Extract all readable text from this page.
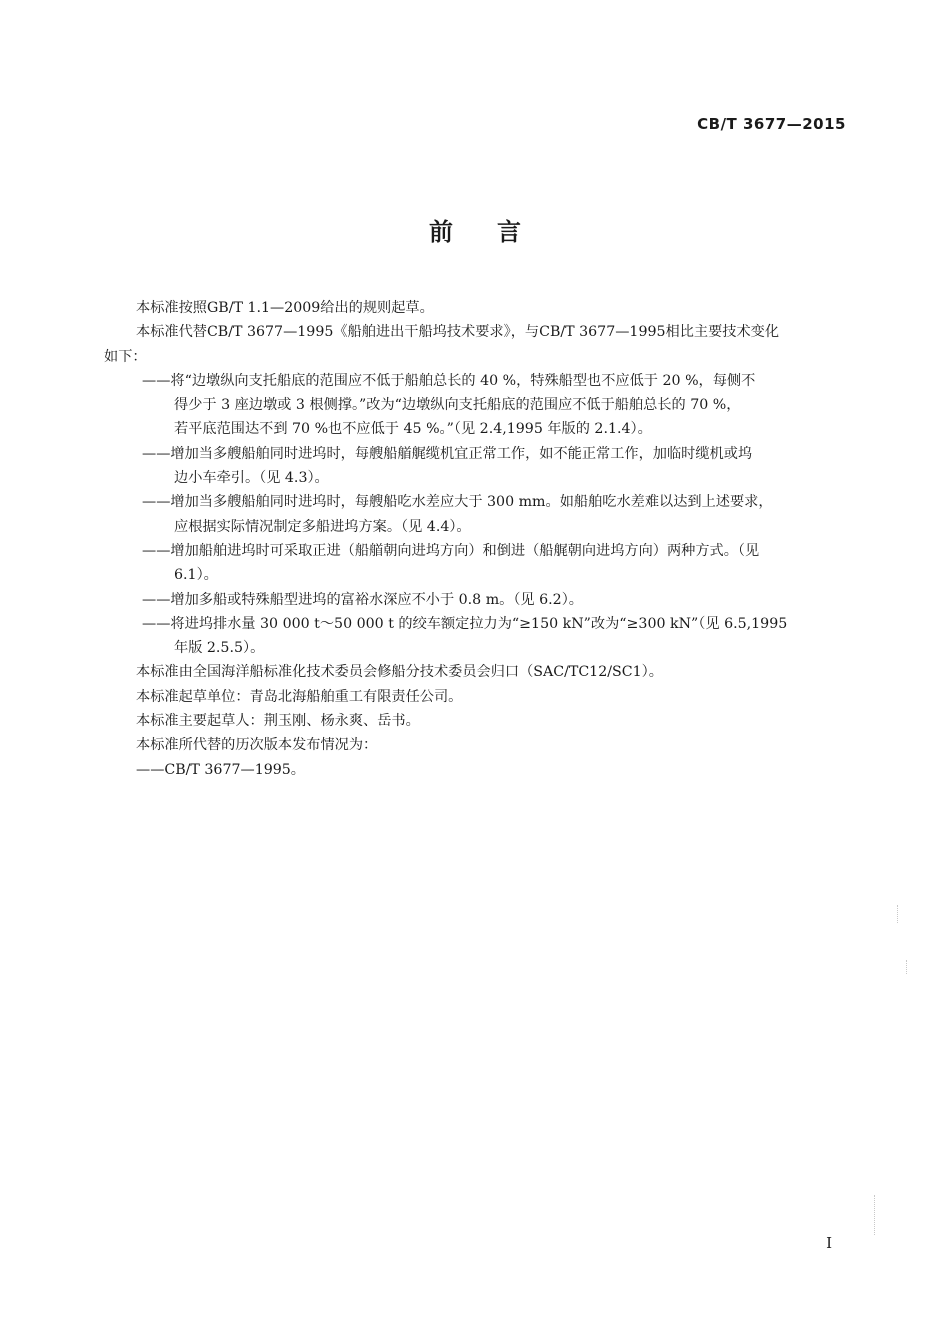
CB/T 3677—2015
前言
本标准按照GB/T 1.1—2009给出的规则起草。
本标准代替CB/T 3677—1995《船舶进出干船坞技术要求》，与CB/T 3677—1995相比主要技术变化
如下：
——将“边墩纵向支托船底的范围应不低于船舶总长的 40 %，特殊船型也不应低于 20 %，每侧不
得少于 3 座边墩或 3 根侧撑。”改为“边墩纵向支托船底的范围应不低于船舶总长的 70 %，
若平底范围达不到 70 %也不应低于 45 %。”（见 2.4,1995 年版的 2.1.4）。
——增加当多艘船舶同时进坞时，每艘船艏艉缆机宜正常工作，如不能正常工作，加临时缆机或坞
边小车牵引。（见 4.3）。
——增加当多艘船舶同时进坞时，每艘船吃水差应大于 300 mm。如船舶吃水差难以达到上述要求，
应根据实际情况制定多船进坞方案。（见 4.4）。
——增加船舶进坞时可采取正进（船艏朝向进坞方向）和倒进（船艉朝向进坞方向）两种方式。（见
6.1）。
——增加多船或特殊船型进坞的富裕水深应不小于 0.8 m。（见 6.2）。
——将进坞排水量 30 000 t～50 000 t 的绞车额定拉力为“≥150 kN”改为“≥300 kN”（见 6.5,1995
年版 2.5.5）。
本标准由全国海洋船标准化技术委员会修船分技术委员会归口（SAC/TC12/SC1）。
本标准起草单位：青岛北海船舶重工有限责任公司。
本标准主要起草人：荆玉刚、杨永爽、岳书。
本标准所代替的历次版本发布情况为：
——CB/T 3677—1995。
I
